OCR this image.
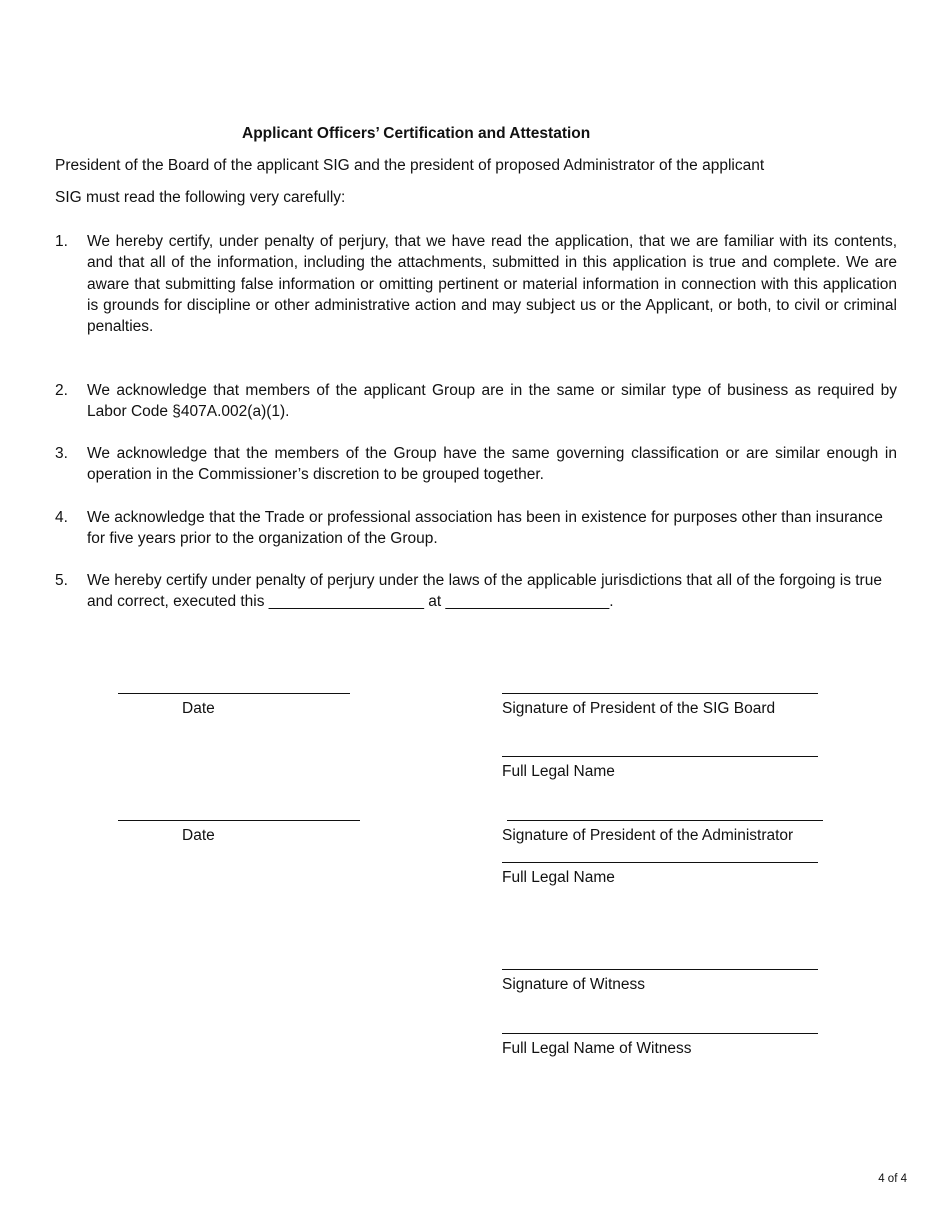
Applicant Officers’ Certification and Attestation
President of the Board of the applicant SIG and the president of proposed Administrator of the applicant
SIG must read the following very carefully:
1. We hereby certify, under penalty of perjury, that we have read the application, that we are familiar with its contents, and that all of the information, including the attachments, submitted in this application is true and complete. We are aware that submitting false information or omitting pertinent or material information in connection with this application is grounds for discipline or other administrative action and may subject us or the Applicant, or both, to civil or criminal penalties.
2. We acknowledge that members of the applicant Group are in the same or similar type of business as required by Labor Code §407A.002(a)(1).
3. We acknowledge that the members of the Group have the same governing classification or are similar enough in operation in the Commissioner’s discretion to be grouped together.
4. We acknowledge that the Trade or professional association has been in existence for purposes other than insurance for five years prior to the organization of the Group.
5. We hereby certify under penalty of perjury under the laws of the applicable jurisdictions that all of the forgoing is true and correct, executed this __________________ at ___________________.
Date	Signature of President of the SIG Board
Full Legal Name
Date	Signature of President of the Administrator
Full Legal Name
Signature of Witness
Full Legal Name of Witness
4 of 4
